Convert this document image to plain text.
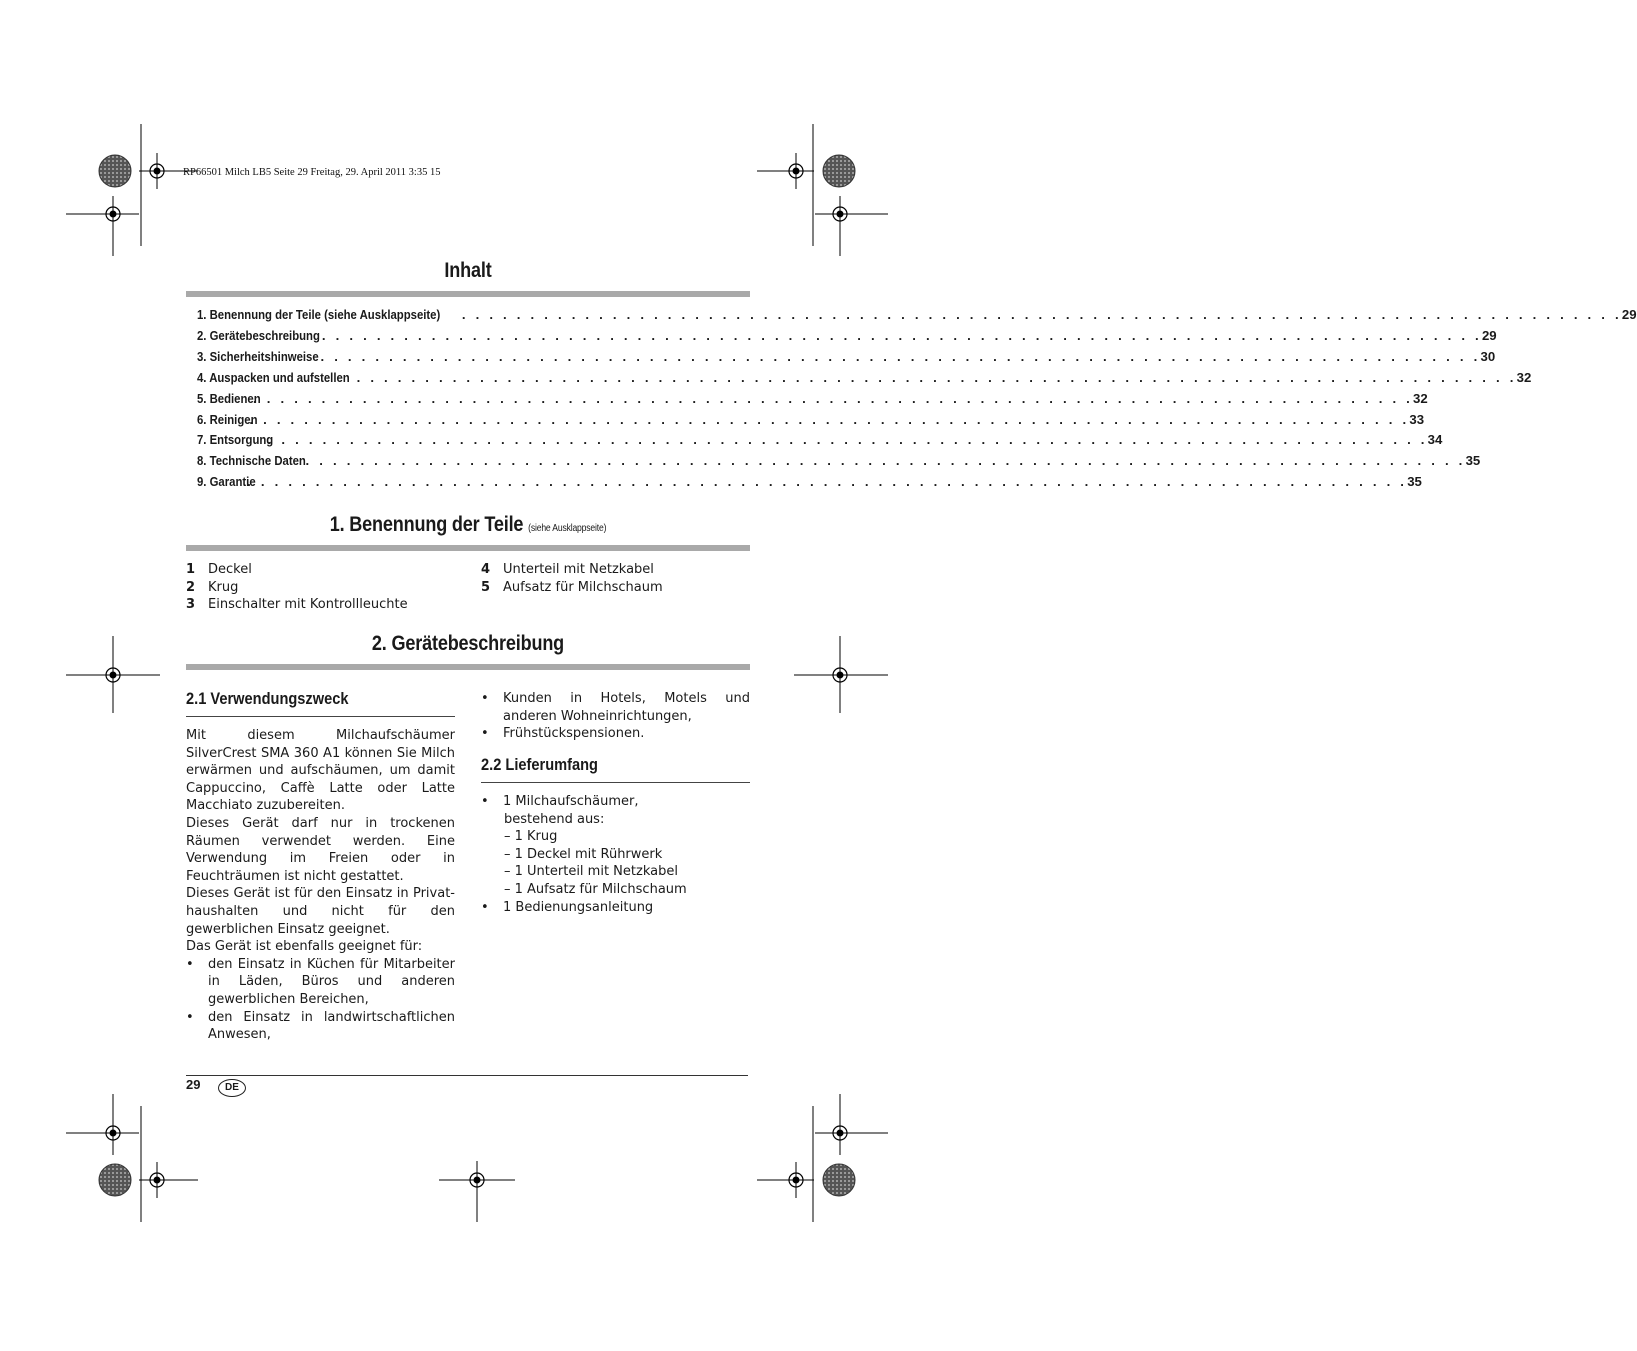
RP66501 Milch LB5 Seite 29 Freitag, 29. April 2011 3:35 15
Inhalt
1. Benennung der Teile (siehe Ausklappseite) . . . . . . . . . . . . . . . . . . . . . . . . . . . . . . . . . . . . . . . . . . . . . . . . . . . . . . . . . . . . . . . . . . . . . . . . . . . . . . . . . . . . . 29
2. Gerätebeschreibung . . . . . . . . . . . . . . . . . . . . . . . . . . . . . . . . . . . . . . . . . . . . . . . . . . . . . . . . . . . . . . . . . . . . . . . . . . . . . . . . . . . . . 29
3. Sicherheitshinweise . . . . . . . . . . . . . . . . . . . . . . . . . . . . . . . . . . . . . . . . . . . . . . . . . . . . . . . . . . . . . . . . . . . . . . . . . . . . . . . . . . . . . 30
4. Auspacken und aufstellen . . . . . . . . . . . . . . . . . . . . . . . . . . . . . . . . . . . . . . . . . . . . . . . . . . . . . . . . . . . . . . . . . . . . . . . . . . . . . . . . . . . . . 32
5. Bedienen
. . . . . . . . . . . . . . . . . . . . . . . . . . . . . . . . . . . . . . . . . . . . . . . . . . . . . . . . . . . . . . . . . . . . . . . . . . . . . . . . . . . . . 32
6. Reinigen
. . . . . . . . . . . . . . . . . . . . . . . . . . . . . . . . . . . . . . . . . . . . . . . . . . . . . . . . . . . . . . . . . . . . . . . . . . . . . . . . . . . . . 33
7. Entsorgung
. . . . . . . . . . . . . . . . . . . . . . . . . . . . . . . . . . . . . . . . . . . . . . . . . . . . . . . . . . . . . . . . . . . . . . . . . . . . . . . . . . . . . 34
8. Technische Daten . . . . . . . . . . . . . . . . . . . . . . . . . . . . . . . . . . . . . . . . . . . . . . . . . . . . . . . . . . . . . . . . . . . . . . . . . . . . . . . . . . . . . 35
9. Garantie
. . . . . . . . . . . . . . . . . . . . . . . . . . . . . . . . . . . . . . . . . . . . . . . . . . . . . . . . . . . . . . . . . . . . . . . . . . . . . . . . . . . . . 35
1. Benennung der Teile (siehe Ausklappseite)
1 Deckel
2 Krug
3 Einschalter mit Kontrollleuchte
4 Unterteil mit Netzkabel
5 Aufsatz für Milchschaum
2. Gerätebeschreibung
2.1 Verwendungszweck
Mit diesem Milchaufschäumer SilverCrest SMA 360 A1 können Sie Milch erwärmen und aufschäumen, um damit Cappuccino, Caffè Latte oder Latte Macchiato zuzubereiten.
Dieses Gerät darf nur in trockenen Räumen verwendet werden. Eine Verwendung im Freien oder in Feuchträumen ist nicht gestattet.
Dieses Gerät ist für den Einsatz in Privathaushalten und nicht für den gewerblichen Einsatz geeignet.
Das Gerät ist ebenfalls geeignet für:
• den Einsatz in Küchen für Mitarbeiter in Läden, Büros und anderen gewerblichen Bereichen,
• den Einsatz in landwirtschaftlichen Anwesen,
• Kunden in Hotels, Motels und anderen Wohneinrichtungen,
• Frühstückspensionen.
2.2 Lieferumfang
• 1 Milchaufschäumer,
bestehend aus:
– 1 Krug
– 1 Deckel mit Rührwerk
– 1 Unterteil mit Netzkabel
– 1 Aufsatz für Milchschaum
• 1 Bedienungsanleitung
29	DE
